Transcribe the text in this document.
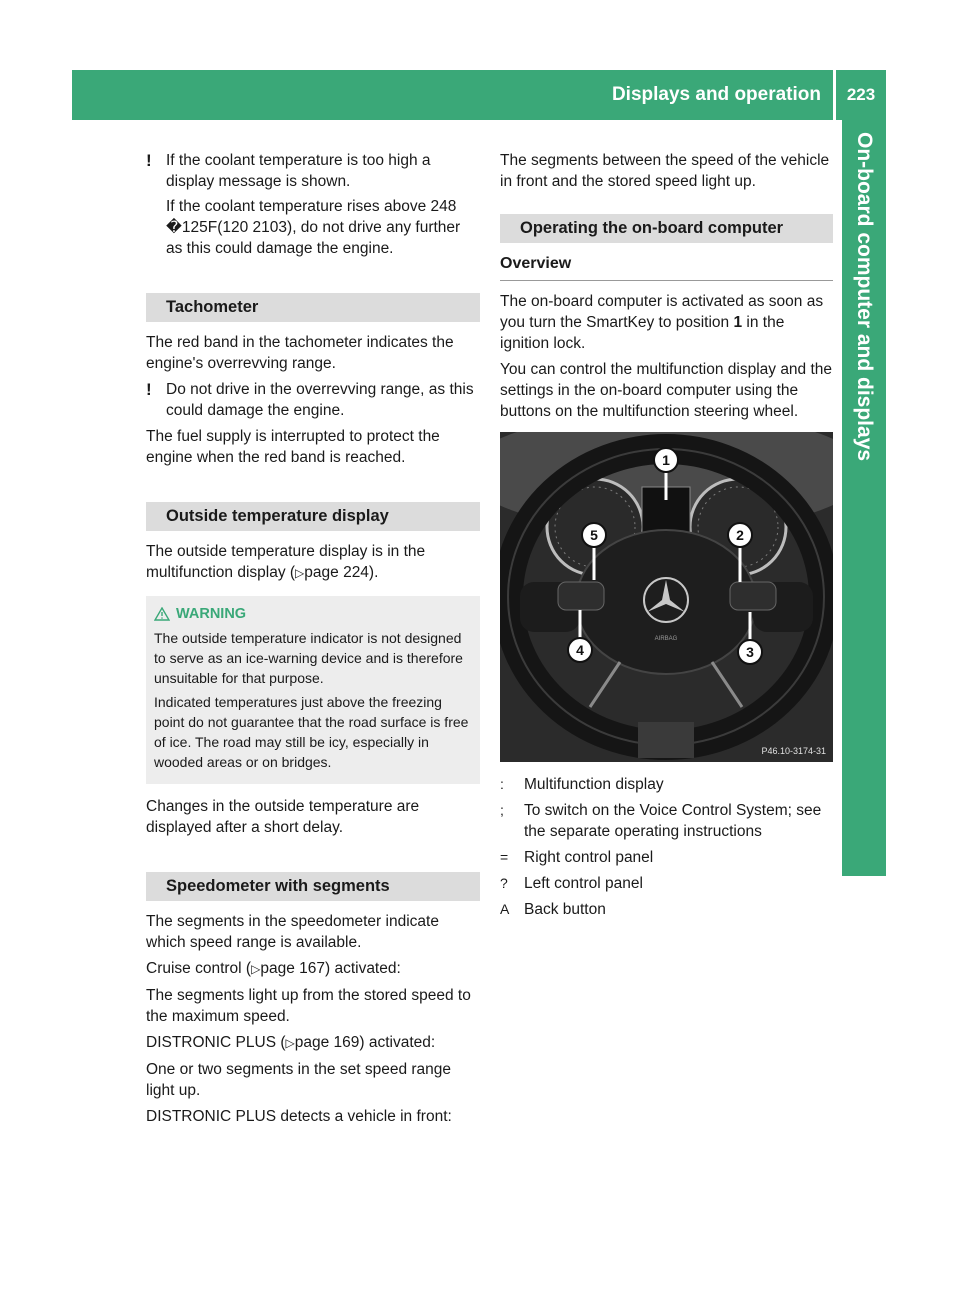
Displays and operation	223
On-board computer and displays
! If the coolant temperature is too high a display message is shown.

If the coolant temperature rises above 248 �125F(120 ‍2103), do not drive any further as this could damage the engine.

Tachometer

The red band in the tachometer indicates the engine's overrevving range.

! Do not drive in the overrevving range, as this could damage the engine.

The fuel supply is interrupted to protect the engine when the red band is reached.

Outside temperature display

The outside temperature display is in the multifunction display (▷page 224).

WARNING

The outside temperature indicator is not designed to serve as an ice-warning device and is therefore unsuitable for that purpose.

Indicated temperatures just above the freezing point do not guarantee that the road surface is free of ice. The road may still be icy, especially in wooded areas or on bridges.

Changes in the outside temperature are displayed after a short delay.

Speedometer with segments

The segments in the speedometer indicate which speed range is available.

Cruise control (▷page 167) activated:

The segments light up from the stored speed to the maximum speed.

DISTRONIC PLUS (▷page 169) activated:

One or two segments in the set speed range light up.

DISTRONIC PLUS detects a vehicle in front:

The segments between the speed of the vehicle in front and the stored speed light up.

Operating the on-board computer
Overview

The on-board computer is activated as soon as you turn the SmartKey to position 1 in the ignition lock.

You can control the multifunction display and the settings in the on-board computer using the buttons on the multifunction steering wheel.

AIRBAG
1
2
3
4
5
P46.10-3174-31
:	Multifunction display
;	To switch on the Voice Control System; see the separate operating instructions
=	Right control panel
?	Left control panel
A Back button
